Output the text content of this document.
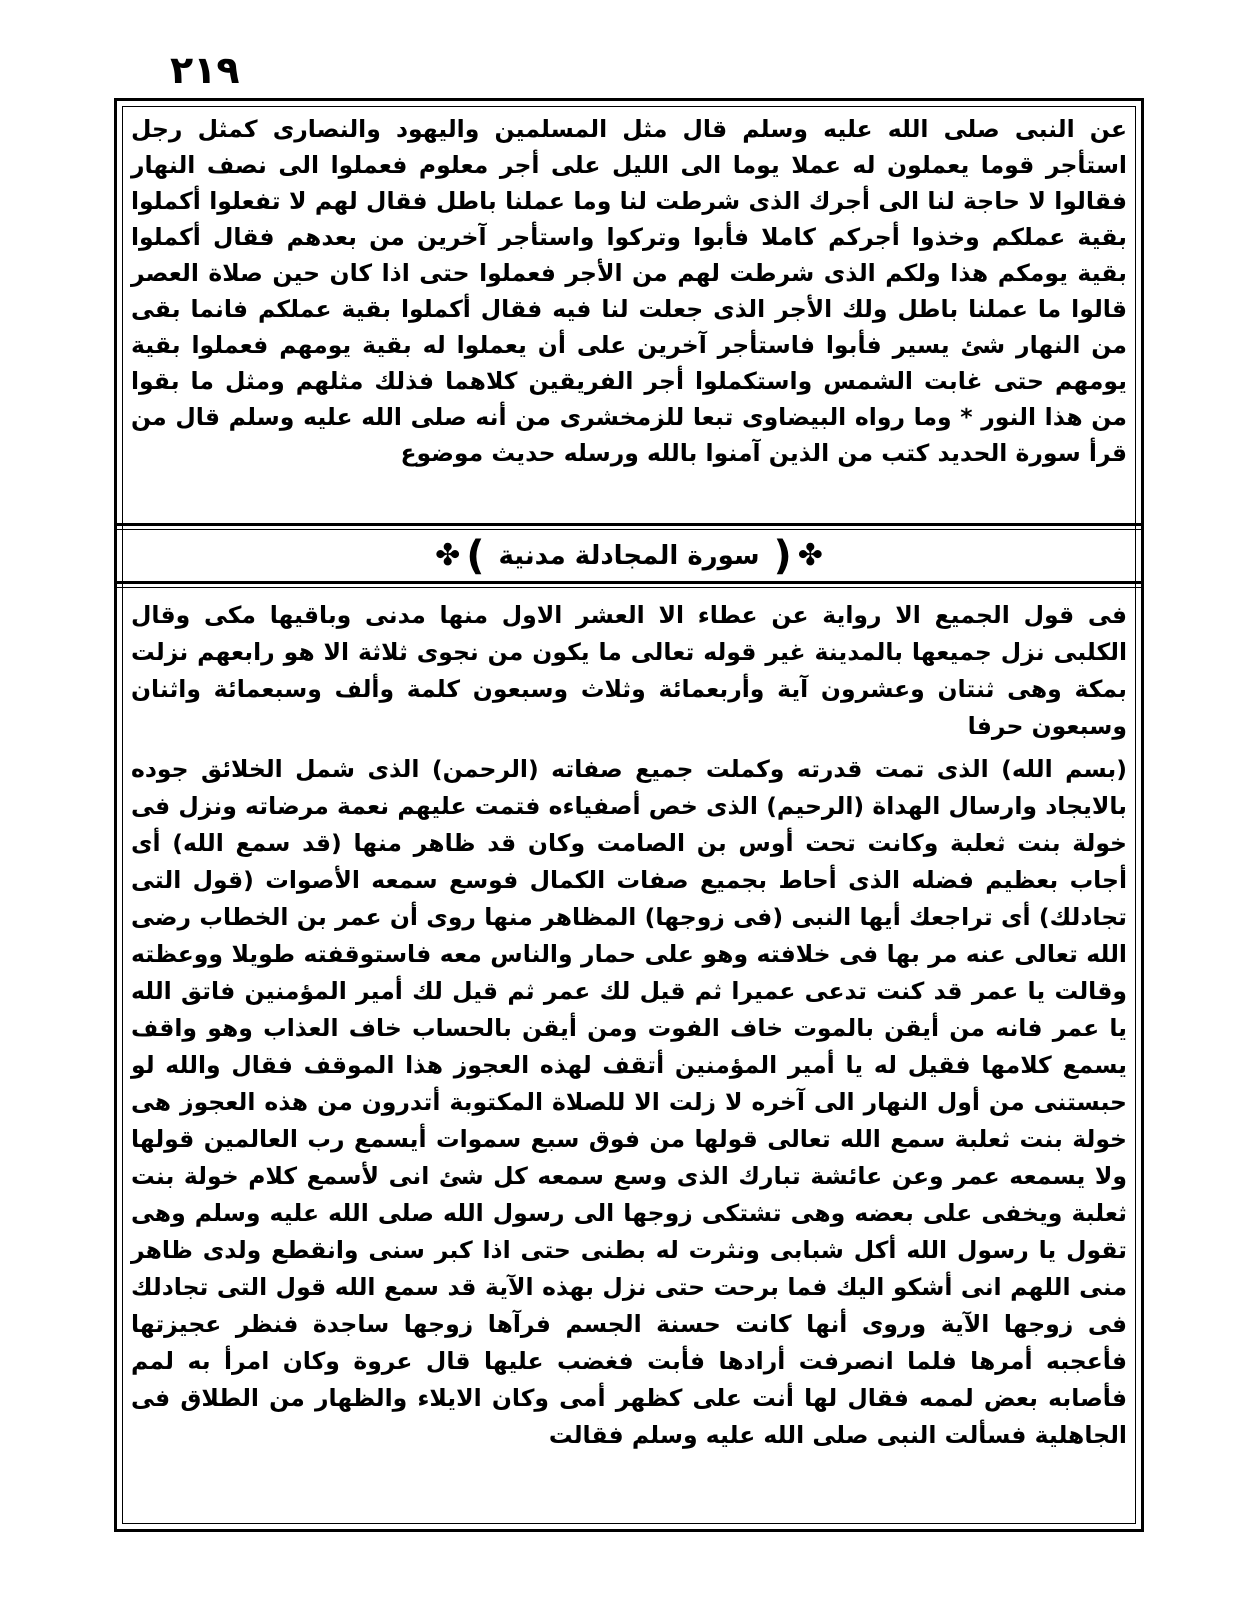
٢١٩

عن النبى صلى الله عليه وسلم قال مثل المسلمين واليهود والنصارى كمثل رجل استأجر قوما يعملون له عملا يوما الى الليل على أجر معلوم فعملوا الى نصف النهار فقالوا لا حاجة لنا الى أجرك الذى شرطت لنا وما عملنا باطل فقال لهم لا تفعلوا أكملوا بقية عملكم وخذوا أجركم كاملا فأبوا وتركوا واستأجر آخرين من بعدهم فقال أكملوا بقية يومكم هذا ولكم الذى شرطت لهم من الأجر فعملوا حتى اذا كان حين صلاة العصر قالوا ما عملنا باطل ولك الأجر الذى جعلت لنا فيه فقال أكملوا بقية عملكم فانما بقى من النهار شئ يسير فأبوا فاستأجر آخرين على أن يعملوا له بقية يومهم فعملوا بقية يومهم حتى غابت الشمس واستكملوا أجر الفريقين كلاهما فذلك مثلهم ومثل ما بقوا من هذا النور * وما رواه البيضاوى تبعا للزمخشرى من أنه صلى الله عليه وسلم قال من قرأ سورة الحديد كتب من الذين آمنوا بالله ورسله حديث موضوع

✤
(
سورة المجادلة مدنية
)
✤

فى قول الجميع الا رواية عن عطاء الا العشر الاول منها مدنى وباقيها مكى وقال الكلبى نزل جميعها بالمدينة غير قوله تعالى ما يكون من نجوى ثلاثة الا هو رابعهم نزلت بمكة وهى ثنتان وعشرون آية وأربعمائة وثلاث وسبعون كلمة وألف وسبعمائة واثنان وسبعون حرفا

(بسم الله) الذى تمت قدرته وكملت جميع صفاته (الرحمن) الذى شمل الخلائق جوده بالايجاد وارسال الهداة (الرحيم) الذى خص أصفياءه فتمت عليهم نعمة مرضاته ونزل فى خولة بنت ثعلبة وكانت تحت أوس بن الصامت وكان قد ظاهر منها (قد سمع الله) أى أجاب بعظيم فضله الذى أحاط بجميع صفات الكمال فوسع سمعه الأصوات (قول التى تجادلك) أى تراجعك أيها النبى (فى زوجها) المظاهر منها روى أن عمر بن الخطاب رضى الله تعالى عنه مر بها فى خلافته وهو على حمار والناس معه فاستوقفته طويلا ووعظته وقالت يا عمر قد كنت تدعى عميرا ثم قيل لك عمر ثم قيل لك أمير المؤمنين فاتق الله يا عمر فانه من أيقن بالموت خاف الفوت ومن أيقن بالحساب خاف العذاب وهو واقف يسمع كلامها فقيل له يا أمير المؤمنين أتقف لهذه العجوز هذا الموقف فقال والله لو حبستنى من أول النهار الى آخره لا زلت الا للصلاة المكتوبة أتدرون من هذه العجوز هى خولة بنت ثعلبة سمع الله تعالى قولها من فوق سبع سموات أيسمع رب العالمين قولها ولا يسمعه عمر وعن عائشة تبارك الذى وسع سمعه كل شئ انى لأسمع كلام خولة بنت ثعلبة ويخفى على بعضه وهى تشتكى زوجها الى رسول الله صلى الله عليه وسلم وهى تقول يا رسول الله أكل شبابى ونثرت له بطنى حتى اذا كبر سنى وانقطع ولدى ظاهر منى اللهم انى أشكو اليك فما برحت حتى نزل بهذه الآية قد سمع الله قول التى تجادلك فى زوجها الآية وروى أنها كانت حسنة الجسم فرآها زوجها ساجدة فنظر عجيزتها فأعجبه أمرها فلما انصرفت أرادها فأبت فغضب عليها قال عروة وكان امرأ به لمم فأصابه بعض لممه فقال لها أنت على كظهر أمى وكان الايلاء والظهار من الطلاق فى الجاهلية فسألت النبى صلى الله عليه وسلم فقالت
